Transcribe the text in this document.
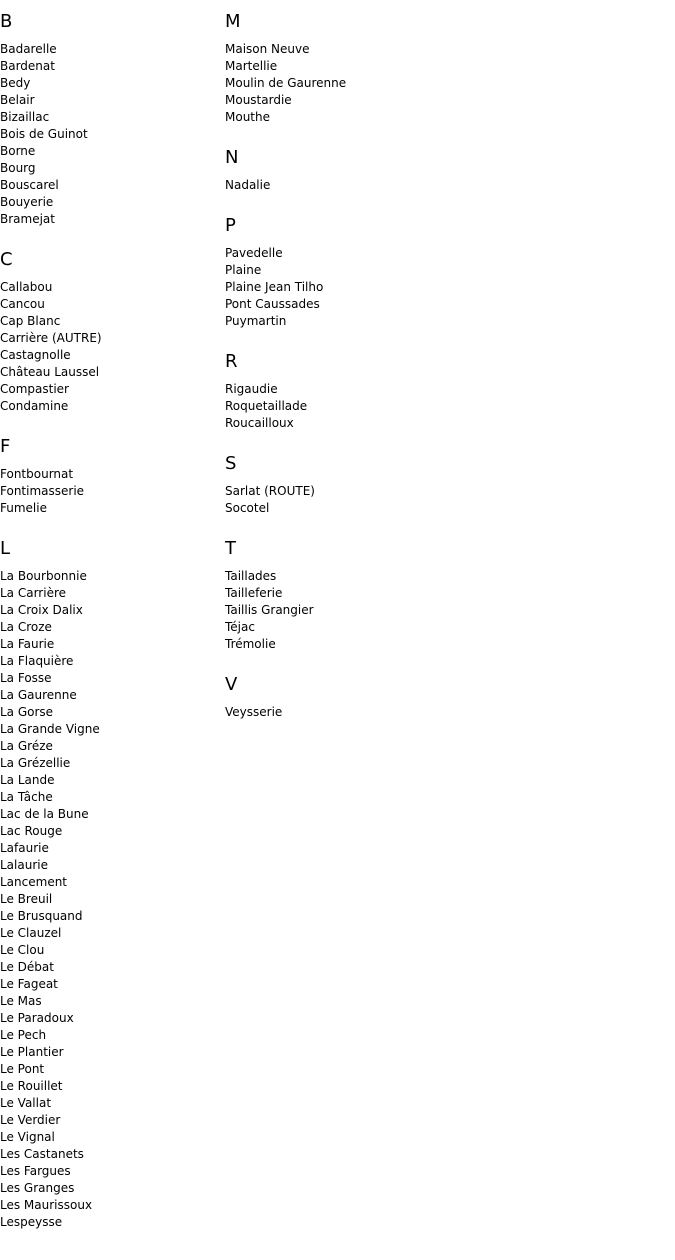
B
Badarelle
Bardenat
Bedy
Belair
Bizaillac
Bois de Guinot
Borne
Bourg
Bouscarel
Bouyerie
Bramejat
C
Callabou
Cancou
Cap Blanc
Carrière (AUTRE)
Castagnolle
Château Laussel
Compastier
Condamine
F
Fontbournat
Fontimasserie
Fumelie
L
La Bourbonnie
La Carrière
La Croix Dalix
La Croze
La Faurie
La Flaquière
La Fosse
La Gaurenne
La Gorse
La Grande Vigne
La Gréze
La Grézellie
La Lande
La Tâche
Lac de la Bune
Lac Rouge
Lafaurie
Lalaurie
Lancement
Le Breuil
Le Brusquand
Le Clauzel
Le Clou
Le Débat
Le Fageat
Le Mas
Le Paradoux
Le Pech
Le Plantier
Le Pont
Le Rouillet
Le Vallat
Le Verdier
Le Vignal
Les Castanets
Les Fargues
Les Granges
Les Maurissoux
Lespeysse
M
Maison Neuve
Martellie
Moulin de Gaurenne
Moustardie
Mouthe
N
Nadalie
P
Pavedelle
Plaine
Plaine Jean Tilho
Pont Caussades
Puymartin
R
Rigaudie
Roquetaillade
Roucailloux
S
Sarlat (ROUTE)
Socotel
T
Taillades
Tailleferie
Taillis Grangier
Téjac
Trémolie
V
Veysserie
